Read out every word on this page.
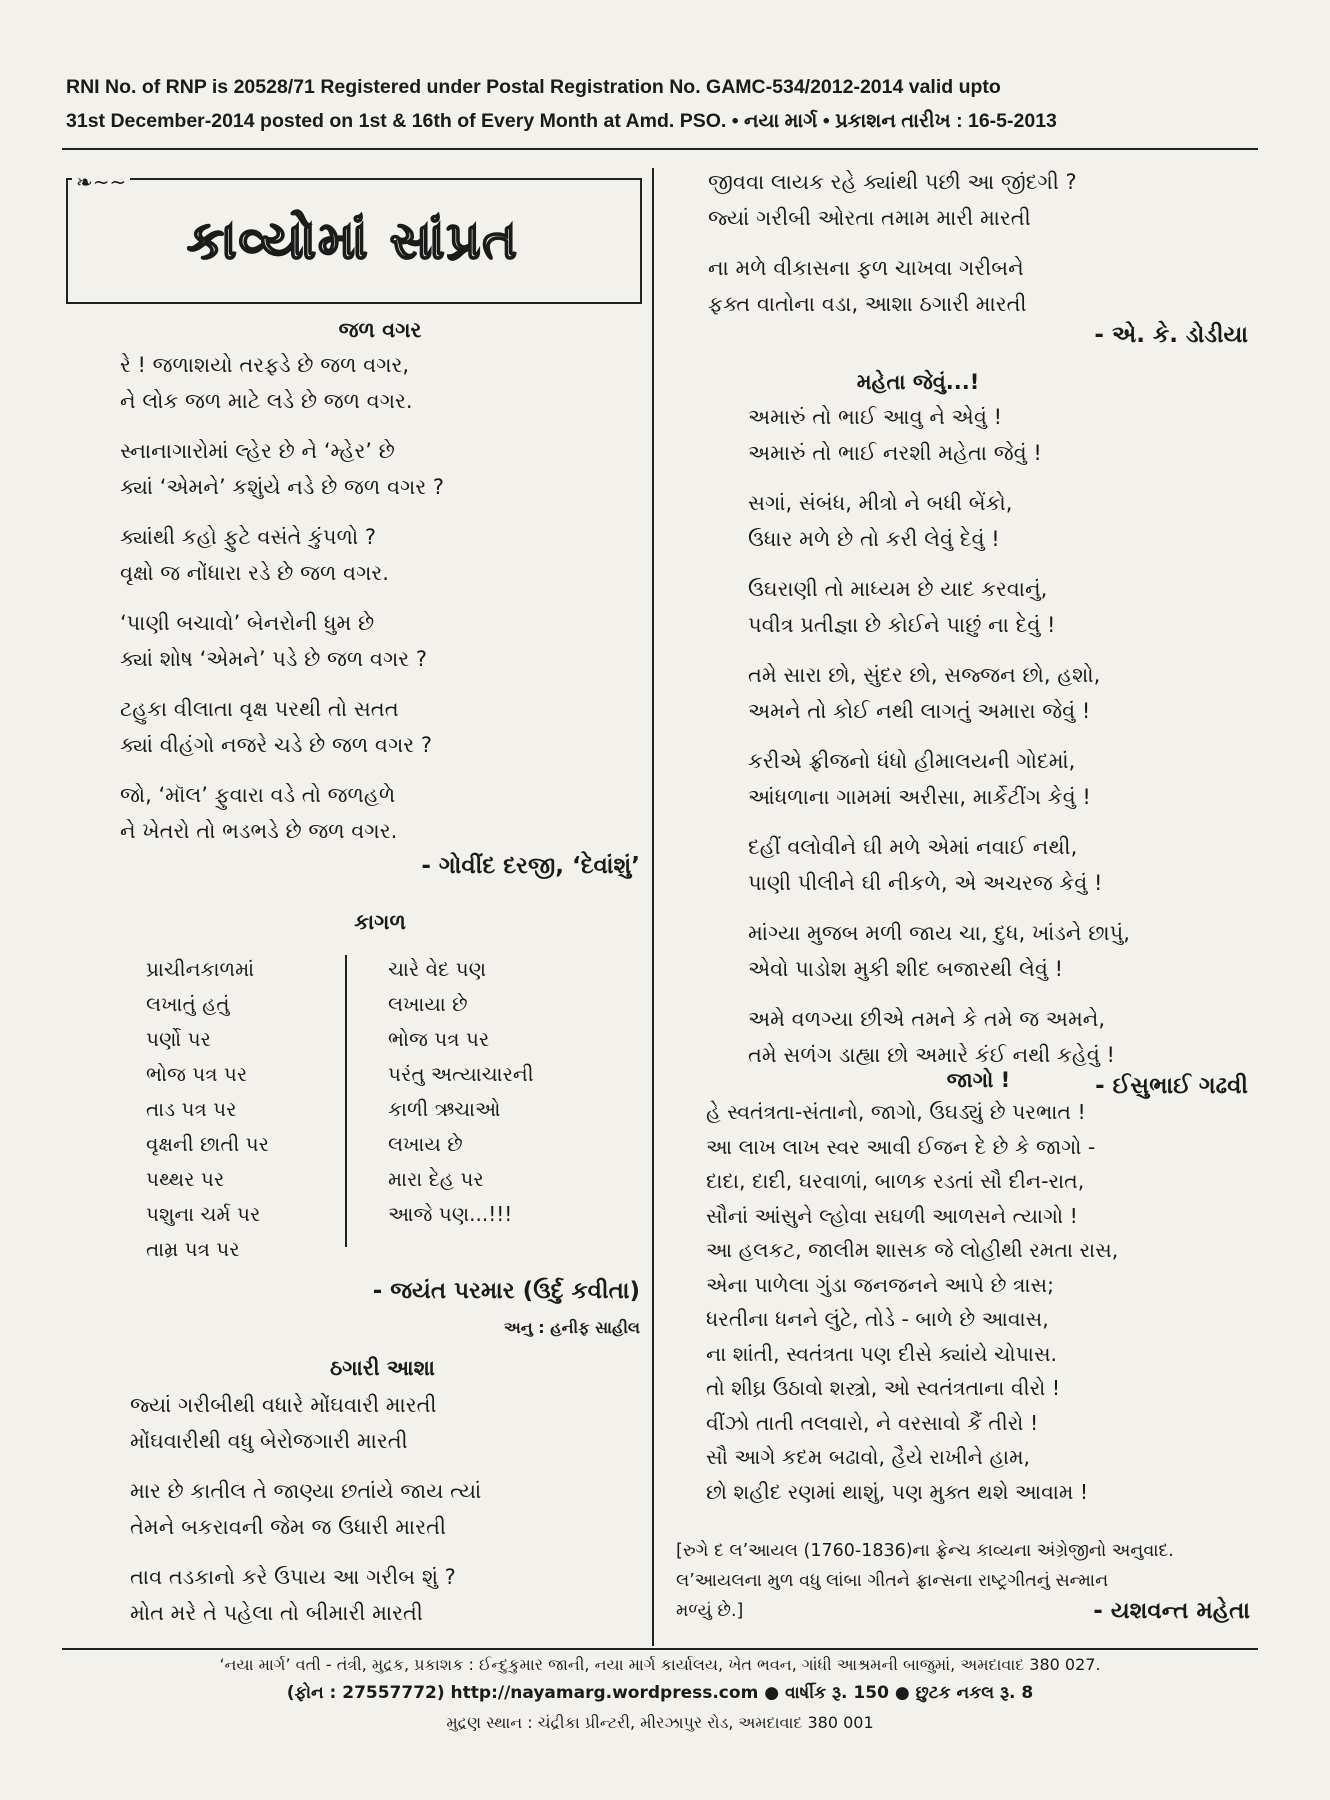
RNI No. of RNP is 20528/71 Registered under Postal Registration No. GAMC-534/2012-2014 valid upto

31st December-2014 posted on 1st & 16th of Every Month at Amd. PSO. • નયા માર્ગ • પ્રકાશન તારીખ : 16-5-2013

❧~~
કાવ્યોમાં સાંપ્રત

જળ વગર

રે ! જળાશયો તરફડે છે જળ વગર,

ને લોક જળ માટે લડે છે જળ વગર.

સ્નાનાગારોમાં લ્હેર છે ને ‘મ્હેર’ છે

ક્યાં ‘એમને’ કશુંયે નડે છે જળ વગર ?

ક્યાંથી કહો ફુટે વસંતે કુંપળો ?

વૃક્ષો જ નોંધારા રડે છે જળ વગર.

‘પાણી બચાવો’ બેનરોની ધુમ છે

ક્યાં શોષ ‘એમને’ પડે છે જળ વગર ?

ટહુકા વીલાતા વૃક્ષ પરથી તો સતત

ક્યાં વીહંગો નજરે ચડે છે જળ વગર ?

જો, ‘મૉલ’ ફુવારા વડે તો જળહળે

ને ખેતરો તો ભડભડે છે જળ વગર.

- ગોવીંદ દરજી, ‘દેવાંશું’

કાગળ

પ્રાચીનકાળમાં

લખાતું હતું

પર્ણો પર

ભોજ પત્ર પર

તાડ પત્ર પર

વૃક્ષની છાતી પર

પથ્થર પર

પશુના ચર્મ પર

તામ્ર પત્ર પર

ચારે વેદ પણ

લખાયા છે

ભોજ પત્ર પર

પરંતુ અત્યાચારની

કાળી ઋચાઓ

લખાય છે

મારા દેહ પર

આજે પણ...!!!

- જયંત પરમાર (ઉર્દુ કવીતા)

અનુ : હનીફ સાહીલ

ઠગારી આશા

જ્યાં ગરીબીથી વધારે મોંઘવારી મારતી

મોંઘવારીથી વધુ બેરોજગારી મારતી

માર છે કાતીલ તે જાણ્યા છતાંયે જાય ત્યાં

તેમને બકરાવની જેમ જ ઉધારી મારતી

તાવ તડકાનો કરે ઉપાય આ ગરીબ શું ?

મોત મરે તે પહેલા તો બીમારી મારતી

જીવવા લાયક રહે ક્યાંથી પછી આ જીંદગી ?

જ્યાં ગરીબી ઓરતા તમામ મારી મારતી

ના મળે વીકાસના ફળ ચાખવા ગરીબને

ફક્ત વાતોના વડા, આશા ઠગારી મારતી

- એ. કે. ડોડીયા

મહેતા જેવું...!

અમારું તો ભાઈ આવુ ને એવું !

અમારું તો ભાઈ નરશી મહેતા જેવું !

સગાં, સંબંધ, મીત્રો ને બધી બેંકો,

ઉધાર મળે છે તો કરી લેવું દેવું !

ઉઘરાણી તો માધ્યમ છે યાદ કરવાનું,

પવીત્ર પ્રતીજ્ઞા છે કોઈને પાછું ના દેવું !

તમે સારા છો, સુંદર છો, સજ્જન છો, હશો,

અમને તો કોઈ નથી લાગતું અમારા જેવું !

કરીએ ફ્રીજનો ધંધો હીમાલયની ગોદમાં,

આંધળાના ગામમાં અરીસા, માર્કેટીંગ કેવું !

દહીં વલોવીને ઘી મળે એમાં નવાઈ નથી,

પાણી પીલીને ઘી નીકળે, એ અચરજ કેવું !

માંગ્યા મુજબ મળી જાય ચા, દુધ, ખાંડને છાપું,

એવો પાડોશ મુકી શીદ બજારથી લેવું !

અમે વળગ્યા છીએ તમને કે તમે જ અમને,

તમે સળંગ ડાહ્યા છો અમારે કંઈ નથી કહેવું !

- ઈસુભાઈ ગઢવી

જાગો !

હે સ્વતંત્રતા-સંતાનો, જાગો, ઉઘડ્યું છે પરભાત !

આ લાખ લાખ સ્વર આવી ઈજન દે છે કે જાગો -

દાદા, દાદી, ઘરવાળાં, બાળક રડતાં સૌ દીન-રાત,

સૌનાં આંસુને લ્હોવા સઘળી આળસને ત્યાગો !

આ હલકટ, જાલીમ શાસક જે લોહીથી રમતા રાસ,

એના પાળેલા ગુંડા જનજનને આપે છે ત્રાસ;

ધરતીના ધનને લુંટે, તોડે - બાળે છે આવાસ,

ના શાંતી, સ્વતંત્રતા પણ દીસે ક્યાંયે ચોપાસ.

તો શીઘ્ર ઉઠાવો શસ્ત્રો, ઓ સ્વતંત્રતાના વીરો !

વીંઝો તાતી તલવારો, ને વરસાવો કૈં તીરો !

સૌ આગે કદમ બઢાવો, હૈયે રાખીને હામ,

છો શહીદ રણમાં થાશું, પણ મુક્ત થશે આવામ !

[રુગે દ લ’આયલ (1760-1836)ના ફ્રેન્ચ કાવ્યના અંગ્રેજીનો અનુવાદ.

લ’આયલના મુળ વધુ લાંબા ગીતને ફ્રાન્સના રાષ્ટ્રગીતનું સન્માન

મળ્યું છે.]	- યશવન્ત મહેતા

‘નયા માર્ગ’ વતી - તંત્રી, મુદ્રક, પ્રકાશક : ઈન્દુકુમાર જાની, નયા માર્ગ કાર્યાલય, ખેત ભવન, ગાંધી આશ્રમની બાજુમાં, અમદાવાદ 380 027.
(ફોન : 27557772) http://nayamarg.wordpress.com ● વાર્ષીક રૂ. 150 ● છુટક નકલ રૂ. 8
મુદ્રણ સ્થાન : ચંદ્રીકા પ્રીન્ટરી, મીરઝાપુર રોડ, અમદાવાદ 380 001
